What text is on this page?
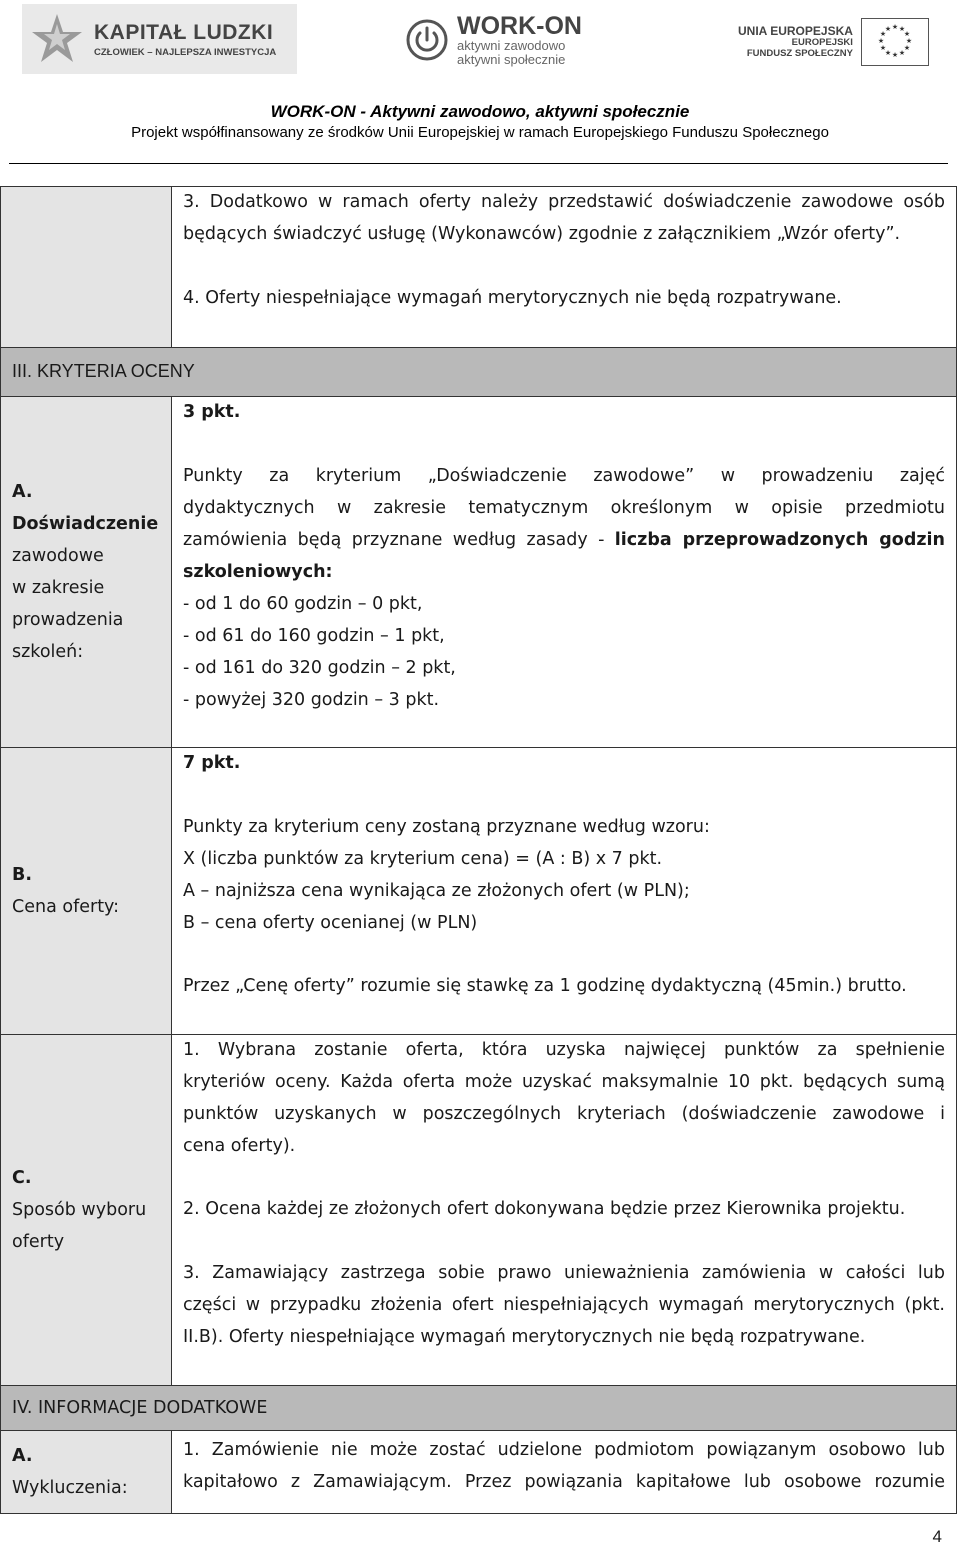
KAPITAŁ LUDZKI
CZŁOWIEK – NAJLEPSZA INWESTYCJA
WORK-ON
aktywni zawodowo
aktywni społecznie
UNIA EUROPEJSKA
EUROPEJSKI
FUNDUSZ SPOŁECZNY
★ ★
★
★
★
★
★
★
★
★
★
★
WORK-ON - Aktywni zawodowo, aktywni społecznie
Projekt współfinansowany ze środków Unii Europejskiej w ramach Europejskiego Funduszu Społecznego
3. Dodatkowo w ramach oferty należy przedstawić doświadczenie zawodowe osób będących świadczyć usługę (Wykonawców) zgodnie z załącznikiem „Wzór oferty”.
4. Oferty niespełniające wymagań merytorycznych nie będą rozpatrywane.
III. KRYTERIA OCENY
A.
Doświadczenie
zawodowe
w zakresie
prowadzenia
szkoleń:
3 pkt.
Punkty za kryterium „Doświadczenie zawodowe” w prowadzeniu zajęć
dydaktycznych w zakresie tematycznym określonym w opisie przedmiotu
zamówienia będą przyznane według zasady - liczba przeprowadzonych godzin
szkoleniowych:
- od 1 do 60 godzin – 0 pkt,
- od 61 do 160 godzin – 1 pkt,
- od 161 do 320 godzin – 2 pkt,
- powyżej 320 godzin – 3 pkt.
B.
Cena oferty:
7 pkt.
Punkty za kryterium ceny zostaną przyznane według wzoru:
X (liczba punktów za kryterium cena) = (A : B) x 7 pkt.
A – najniższa cena wynikająca ze złożonych ofert (w PLN);
B – cena oferty ocenianej (w PLN)
Przez „Cenę oferty” rozumie się stawkę za 1 godzinę dydaktyczną (45min.) brutto.
C.
Sposób wyboru
oferty
1. Wybrana zostanie oferta, która uzyska najwięcej punktów za spełnienie
kryteriów oceny. Każda oferta może uzyskać maksymalnie 10 pkt. będących sumą
punktów uzyskanych w poszczególnych kryteriach (doświadczenie zawodowe i
cena oferty).
2. Ocena każdej ze złożonych ofert dokonywana będzie przez Kierownika projektu.
3. Zamawiający zastrzega sobie prawo unieważnienia zamówienia w całości lub
części w przypadku złożenia ofert niespełniających wymagań merytorycznych (pkt.
II.B). Oferty niespełniające wymagań merytorycznych nie będą rozpatrywane.
IV. INFORMACJE DODATKOWE
A.
Wykluczenia:
1. Zamówienie nie może zostać udzielone podmiotom powiązanym osobowo lub
kapitałowo z Zamawiającym. Przez powiązania kapitałowe lub osobowe rozumie
4
